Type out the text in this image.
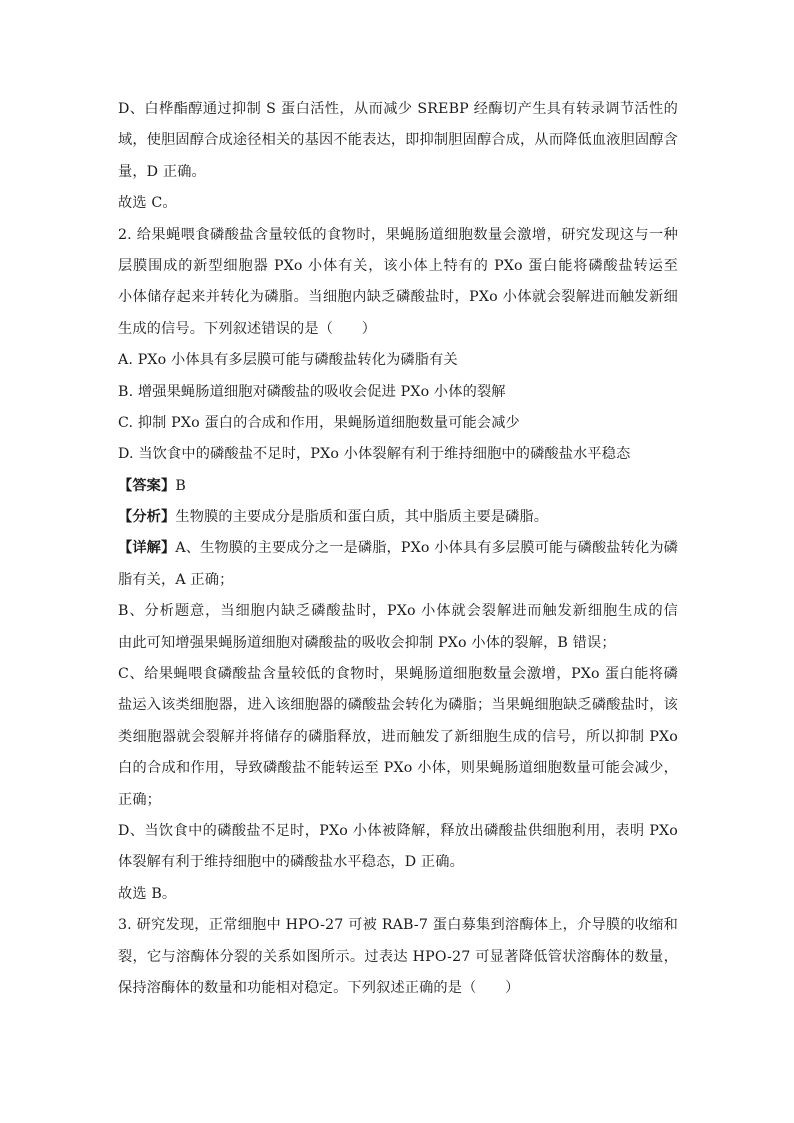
D、白桦酯醇通过抑制 S 蛋白活性，从而减少 SREBP 经酶切产生具有转录调节活性的
域，使胆固醇合成途径相关的基因不能表达，即抑制胆固醇合成，从而降低血液胆固醇含
量，D 正确。
故选 C。
2. 给果蝇喂食磷酸盐含量较低的食物时，果蝇肠道细胞数量会激增，研究发现这与一种
层膜围成的新型细胞器 PXo 小体有关，该小体上特有的 PXo 蛋白能将磷酸盐转运至
小体储存起来并转化为磷脂。当细胞内缺乏磷酸盐时，PXo 小体就会裂解进而触发新细
生成的信号。下列叙述错误的是（　　）
A. PXo 小体具有多层膜可能与磷酸盐转化为磷脂有关
B. 增强果蝇肠道细胞对磷酸盐的吸收会促进 PXo 小体的裂解
C. 抑制 PXo 蛋白的合成和作用，果蝇肠道细胞数量可能会减少
D. 当饮食中的磷酸盐不足时，PXo 小体裂解有利于维持细胞中的磷酸盐水平稳态
【答案】B
【分析】生物膜的主要成分是脂质和蛋白质，其中脂质主要是磷脂。
【详解】A、生物膜的主要成分之一是磷脂，PXo 小体具有多层膜可能与磷酸盐转化为磷
脂有关，A 正确；
B、分析题意，当细胞内缺乏磷酸盐时，PXo 小体就会裂解进而触发新细胞生成的信
由此可知增强果蝇肠道细胞对磷酸盐的吸收会抑制 PXo 小体的裂解，B 错误；
C、给果蝇喂食磷酸盐含量较低的食物时，果蝇肠道细胞数量会激增，PXo 蛋白能将磷
盐运入该类细胞器，进入该细胞器的磷酸盐会转化为磷脂；当果蝇细胞缺乏磷酸盐时，该
类细胞器就会裂解并将储存的磷脂释放，进而触发了新细胞生成的信号，所以抑制 PXo
白的合成和作用，导致磷酸盐不能转运至 PXo 小体，则果蝇肠道细胞数量可能会减少，
正确；
D、当饮食中的磷酸盐不足时，PXo 小体被降解，释放出磷酸盐供细胞利用，表明 PXo
体裂解有利于维持细胞中的磷酸盐水平稳态，D 正确。
故选 B。
3. 研究发现，正常细胞中 HPO-27 可被 RAB-7 蛋白募集到溶酶体上，介导膜的收缩和
裂，它与溶酶体分裂的关系如图所示。过表达 HPO-27 可显著降低管状溶酶体的数量，
保持溶酶体的数量和功能相对稳定。下列叙述正确的是（　　）
